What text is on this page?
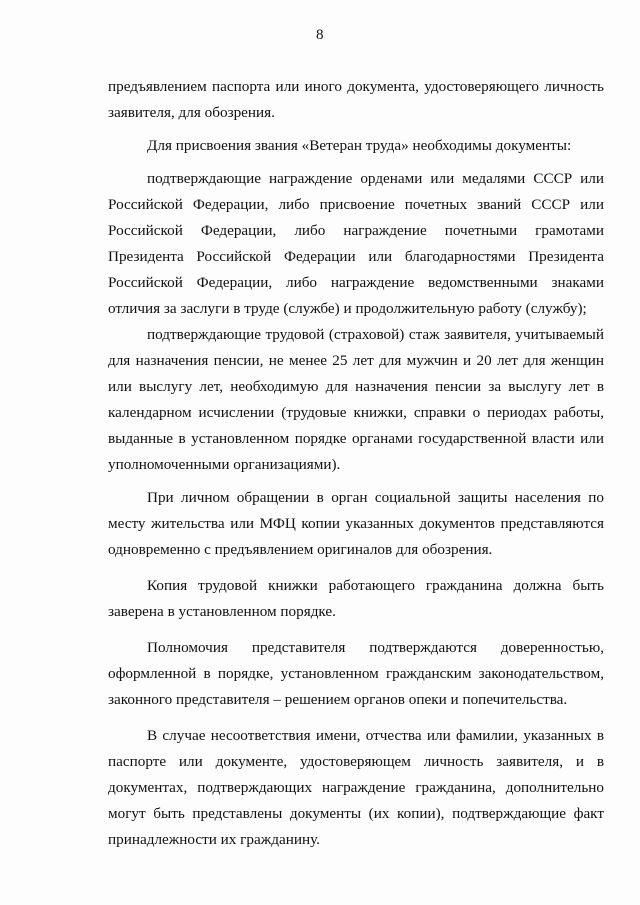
8

предъявлением паспорта или иного документа, удостоверяющего личность заявителя, для обозрения.

Для присвоения звания «Ветеран труда» необходимы документы:

подтверждающие награждение орденами или медалями СССР или Российской Федерации, либо присвоение почетных званий СССР или Российской Федерации, либо награждение почетными грамотами Президента Российской Федерации или благодарностями Президента Российской Федерации, либо награждение ведомственными знаками отличия за заслуги в труде (службе) и продолжительную работу (службу);

подтверждающие трудовой (страховой) стаж заявителя, учитываемый для назначения пенсии, не менее 25 лет для мужчин и 20 лет для женщин или выслугу лет, необходимую для назначения пенсии за выслугу лет в календарном исчислении (трудовые книжки, справки о периодах работы, выданные в установленном порядке органами государственной власти или уполномоченными организациями).

При личном обращении в орган социальной защиты населения по месту жительства или МФЦ копии указанных документов представляются одновременно с предъявлением оригиналов для обозрения.

Копия трудовой книжки работающего гражданина должна быть заверена в установленном порядке.

Полномочия представителя подтверждаются доверенностью, оформленной в порядке, установленном гражданским законодательством, законного представителя – решением органов опеки и попечительства.

В случае несоответствия имени, отчества или фамилии, указанных в паспорте или документе, удостоверяющем личность заявителя, и в документах, подтверждающих награждение гражданина, дополнительно могут быть представлены документы (их копии), подтверждающие факт принадлежности их гражданину.
